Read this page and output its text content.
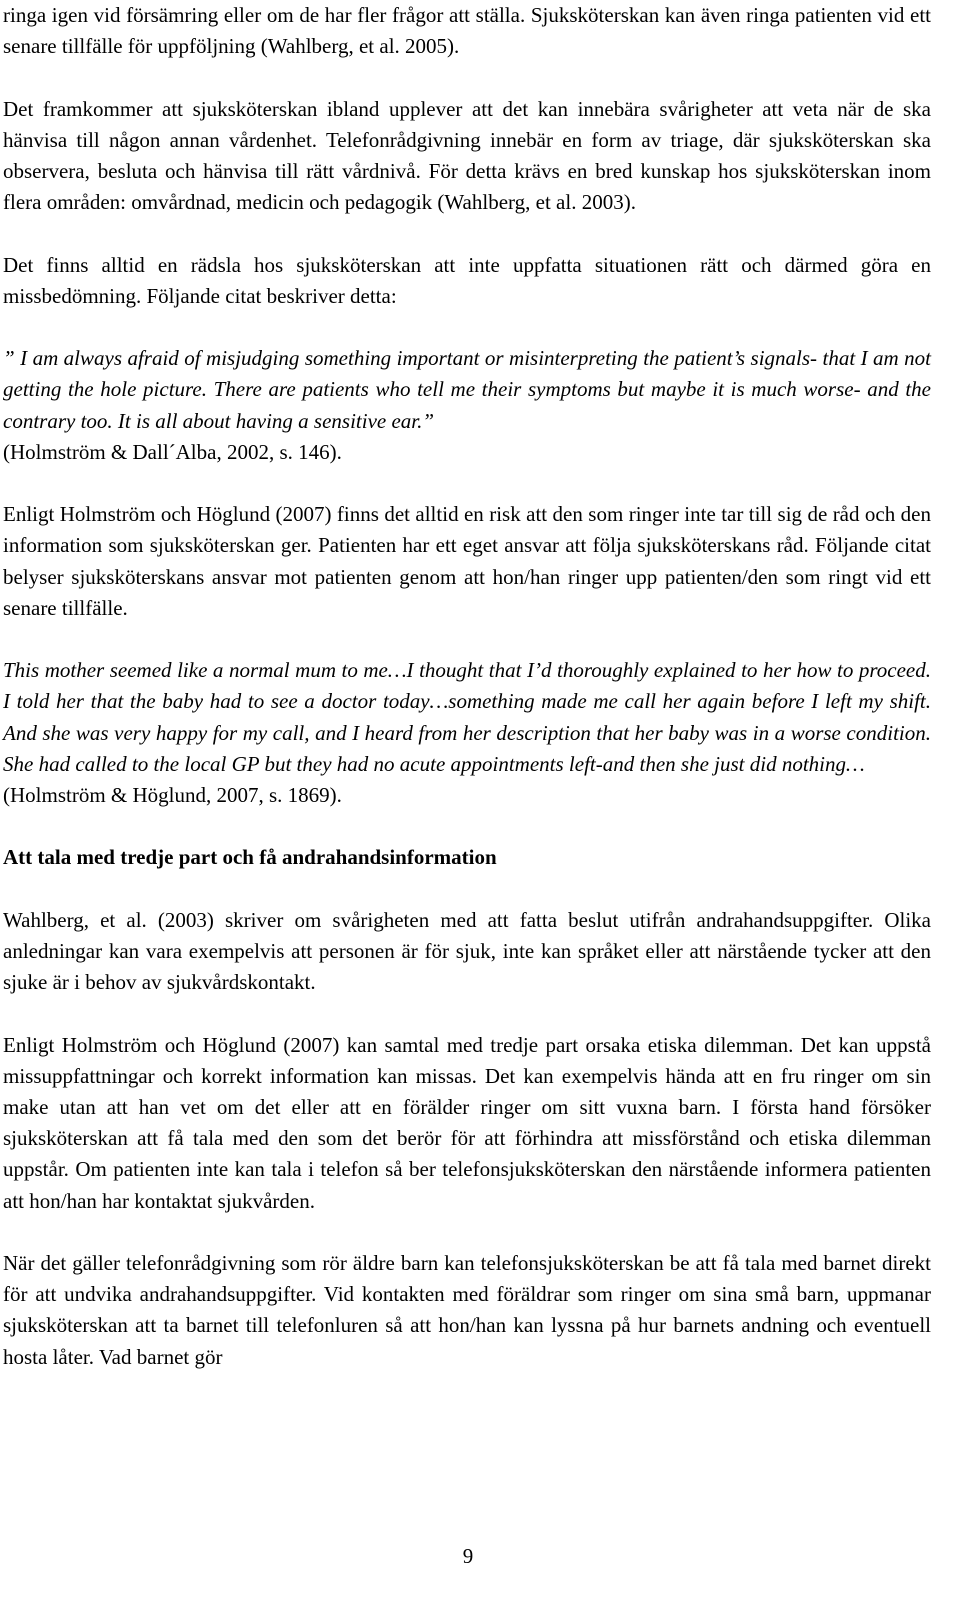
ringa igen vid försämring eller om de har fler frågor att ställa. Sjuksköterskan kan även ringa patienten vid ett senare tillfälle för uppföljning (Wahlberg, et al. 2005).

Det framkommer att sjuksköterskan ibland upplever att det kan innebära svårigheter att veta när de ska hänvisa till någon annan vårdenhet. Telefonrådgivning innebär en form av triage, där sjuksköterskan ska observera, besluta och hänvisa till rätt vårdnivå. För detta krävs en bred kunskap hos sjuksköterskan inom flera områden: omvårdnad, medicin och pedagogik (Wahlberg, et al. 2003).

Det finns alltid en rädsla hos sjuksköterskan att inte uppfatta situationen rätt och därmed göra en missbedömning. Följande citat beskriver detta:

” I am always afraid of misjudging something important or misinterpreting the patient’s signals- that I am not getting the hole picture. There are patients who tell me their symptoms but maybe it is much worse- and the contrary too. It is all about having a sensitive ear.”

(Holmström & Dall´Alba, 2002, s. 146).

Enligt Holmström och Höglund (2007) finns det alltid en risk att den som ringer inte tar till sig de råd och den information som sjuksköterskan ger. Patienten har ett eget ansvar att följa sjuksköterskans råd. Följande citat belyser sjuksköterskans ansvar mot patienten genom att hon/han ringer upp patienten/den som ringt vid ett senare tillfälle.

This mother seemed like a normal mum to me…I thought that I’d thoroughly explained to her how to proceed. I told her that the baby had to see a doctor today…something made me call her again before I left my shift. And she was very happy for my call, and I heard from her description that her baby was in a worse condition. She had called to the local GP but they had no acute appointments left-and then she just did nothing…

(Holmström & Höglund, 2007, s. 1869).

Att tala med tredje part och få andrahandsinformation

Wahlberg, et al. (2003) skriver om svårigheten med att fatta beslut utifrån andrahandsuppgifter. Olika anledningar kan vara exempelvis att personen är för sjuk, inte kan språket eller att närstående tycker att den sjuke är i behov av sjukvårdskontakt.

Enligt Holmström och Höglund (2007) kan samtal med tredje part orsaka etiska dilemman. Det kan uppstå missuppfattningar och korrekt information kan missas. Det kan exempelvis hända att en fru ringer om sin make utan att han vet om det eller att en förälder ringer om sitt vuxna barn. I första hand försöker sjuksköterskan att få tala med den som det berör för att förhindra att missförstånd och etiska dilemman uppstår. Om patienten inte kan tala i telefon så ber telefonsjuksköterskan den närstående informera patienten att hon/han har kontaktat sjukvården.

När det gäller telefonrådgivning som rör äldre barn kan telefonsjuksköterskan be att få tala med barnet direkt för att undvika andrahandsuppgifter. Vid kontakten med föräldrar som ringer om sina små barn, uppmanar sjuksköterskan att ta barnet till telefonluren så att hon/han kan lyssna på hur barnets andning och eventuell hosta låter. Vad barnet gör

9
